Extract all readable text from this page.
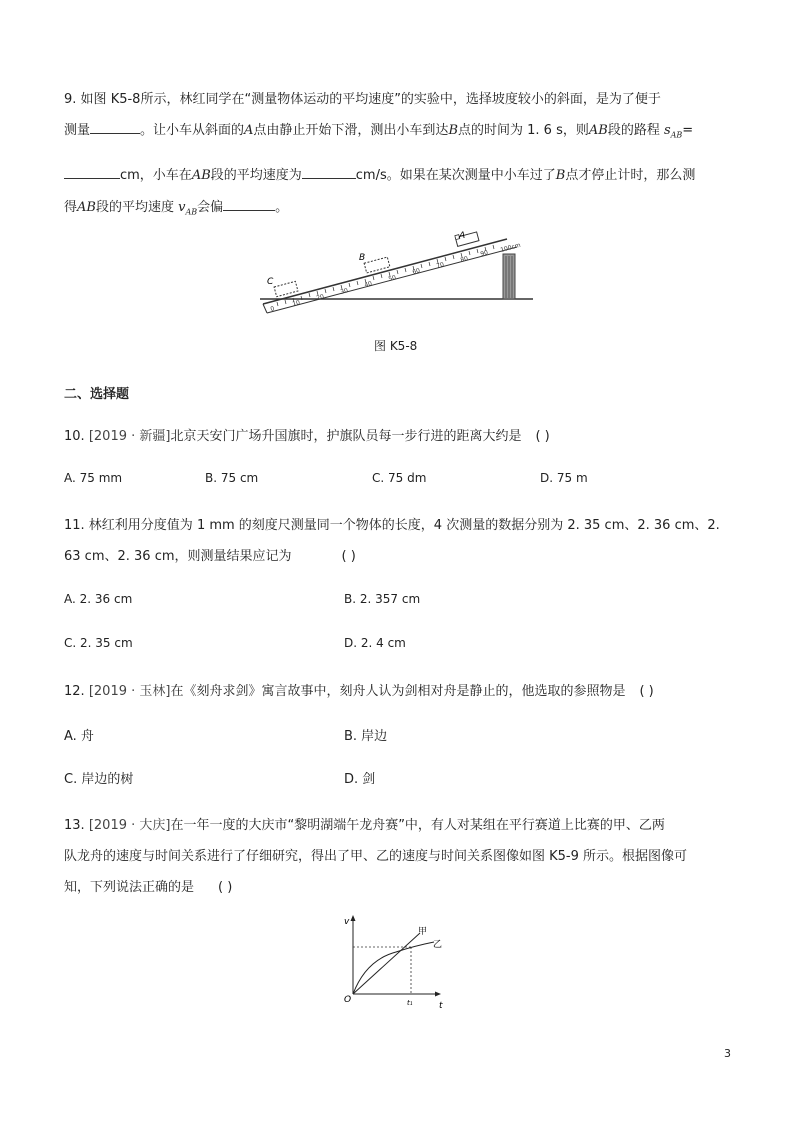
9. 如图 K5-8所示，林红同学在“测量物体运动的平均速度”的实验中，选择坡度较小的斜面，是为了便于
测量	。让小车从斜面的A点由静止开始下滑，测出小车到达B点的时间为 1. 6 s，则AB段的路程 $s_{AB}=$
cm，小车在AB段的平均速度为	cm/s。如果在某次测量中小车过了B点才停止计时，那么测
得AB段的平均速度 $v_{AB}$会偏	。
0
10
20
30
40
50
60
70
80
90 100cm
A
B
C
图 K5-8
二、选择题
10. [2019 · 新疆]北京天安门广场升国旗时，护旗队员每一步行进的距离大约是 ( )
A. 75 mm	B. 75 cm	C. 75 dm	D. 75 m
11. 林红利用分度值为 1 mm 的刻度尺测量同一个物体的长度，4 次测量的数据分别为 2. 35 cm、2. 36 cm、2.
63 cm、2. 36 cm，则测量结果应记为	( )
A. 2. 36 cm	B. 2. 357 cm
C. 2. 35 cm	D. 2. 4 cm
12. [2019 · 玉林]在《刻舟求剑》寓言故事中，刻舟人认为剑相对舟是静止的，他选取的参照物是 ( )
A. 舟	B. 岸边
C. 岸边的树	D. 剑
13. [2019 · 大庆]在一年一度的大庆市“黎明湖端午龙舟赛”中，有人对某组在平行赛道上比赛的甲、乙两
队龙舟的速度与时间关系进行了仔细研究，得出了甲、乙的速度与时间关系图像如图 K5-9 所示。根据图像可
知，下列说法正确的是 ( )
v
t
O	t₁
甲
乙
3
